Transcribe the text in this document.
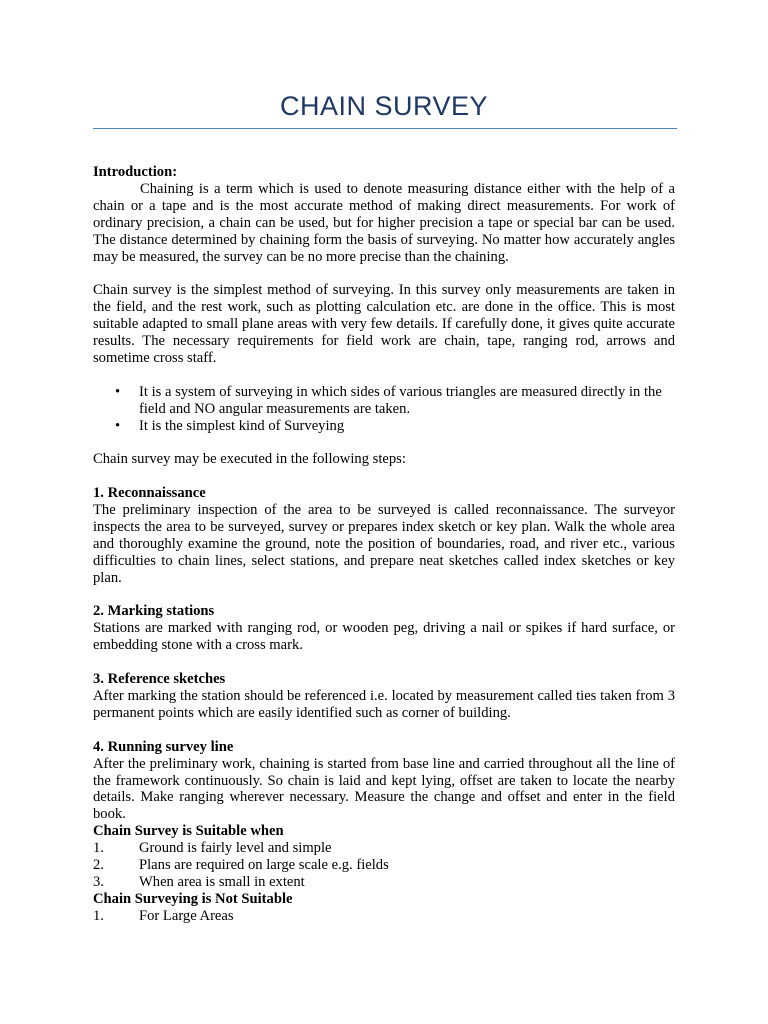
CHAIN SURVEY
Introduction:
Chaining is a term which is used to denote measuring distance either with the help of a chain or a tape and is the most accurate method of making direct measurements. For work of ordinary precision, a chain can be used, but for higher precision a tape or special bar can be used. The distance determined by chaining form the basis of surveying. No matter how accurately angles may be measured, the survey can be no more precise than the chaining.
Chain survey is the simplest method of surveying. In this survey only measurements are taken in the field, and the rest work, such as plotting calculation etc. are done in the office. This is most suitable adapted to small plane areas with very few details. If carefully done, it gives quite accurate results. The necessary requirements for field work are chain, tape, ranging rod, arrows and sometime cross staff.
• It is a system of surveying in which sides of various triangles are measured directly in the field and NO angular measurements are taken.
• It is the simplest kind of Surveying
Chain survey may be executed in the following steps:
1. Reconnaissance
The preliminary inspection of the area to be surveyed is called reconnaissance. The surveyor inspects the area to be surveyed, survey or prepares index sketch or key plan. Walk the whole area and thoroughly examine the ground, note the position of boundaries, road, and river etc., various difficulties to chain lines, select stations, and prepare neat sketches called index sketches or key plan.
2. Marking stations
Stations are marked with ranging rod, or wooden peg, driving a nail or spikes if hard surface, or embedding stone with a cross mark.
3. Reference sketches
After marking the station should be referenced i.e. located by measurement called ties taken from 3 permanent points which are easily identified such as corner of building.
4. Running survey line
After the preliminary work, chaining is started from base line and carried throughout all the line of the framework continuously. So chain is laid and kept lying, offset are taken to locate the nearby details. Make ranging wherever necessary. Measure the change and offset and enter in the field book.
Chain Survey is Suitable when
1.	Ground is fairly level and simple
2.	Plans are required on large scale e.g. fields
3.	When area is small in extent
Chain Surveying is Not Suitable
1.	For Large Areas
